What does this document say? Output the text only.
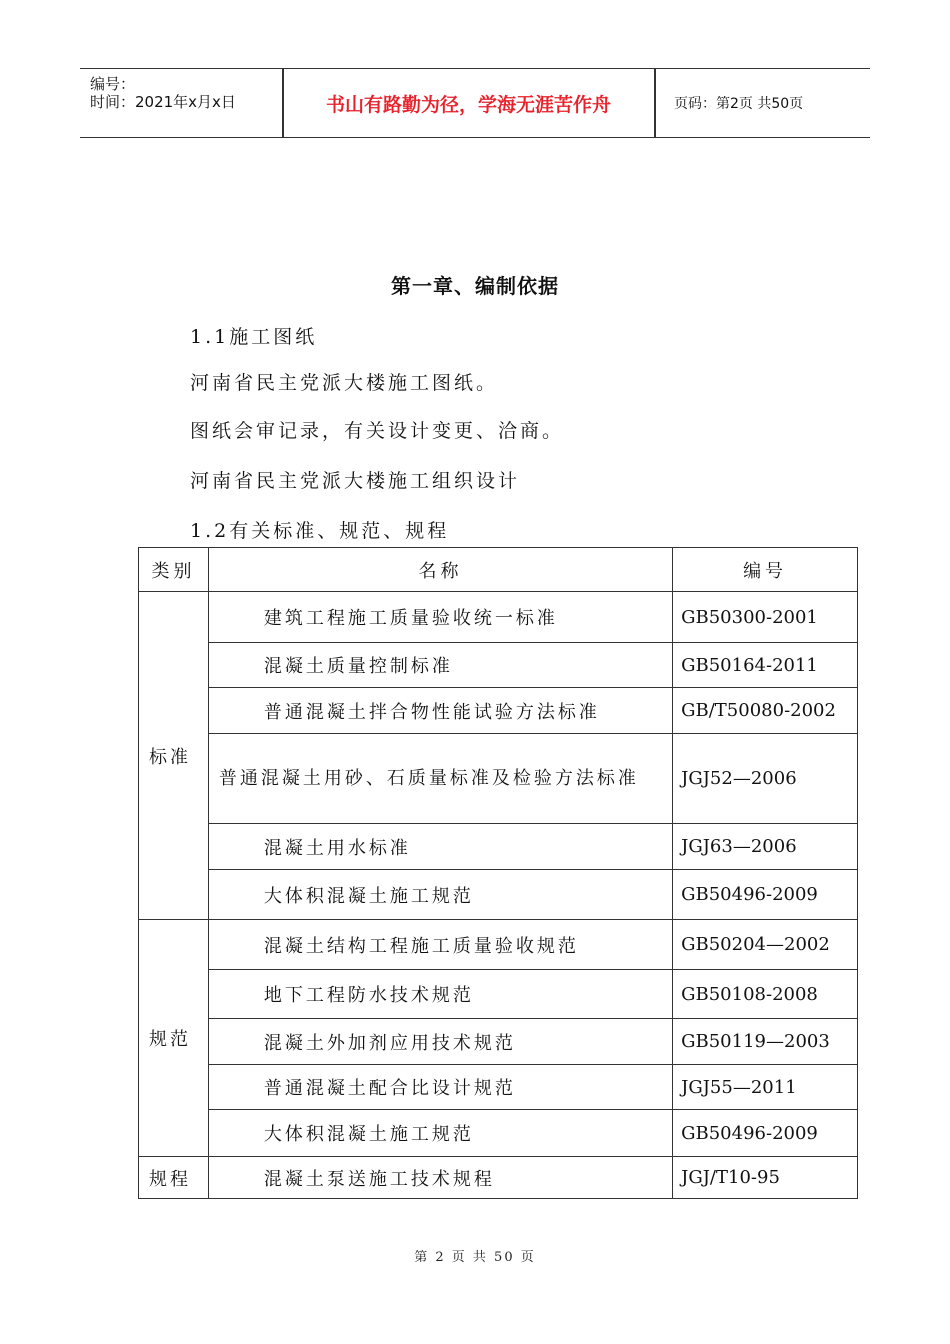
编号：
时间：2021年x月x日	书山有路勤为径，学海无涯苦作舟	页码：第2页 共50页
第一章、编制依据
1.1施工图纸
河南省民主党派大楼施工图纸。
图纸会审记录，有关设计变更、洽商。
河南省民主党派大楼施工组织设计
1.2有关标准、规范、规程
类别	名称	编号
标准	建筑工程施工质量验收统一标准	GB50300-2001
	混凝土质量控制标准	GB50164-2011
	普通混凝土拌合物性能试验方法标准	GB/T50080-2002
	普通混凝土用砂、石质量标准及检验方法标准	JGJ52—2006
	混凝土用水标准	JGJ63—2006
	大体积混凝土施工规范	GB50496-2009
规范	混凝土结构工程施工质量验收规范	GB50204—2002
	地下工程防水技术规范	GB50108-2008
	混凝土外加剂应用技术规范	GB50119—2003
	普通混凝土配合比设计规范	JGJ55—2011
	大体积混凝土施工规范	GB50496-2009
规程	混凝土泵送施工技术规程	JGJ/T10-95
第 2 页 共 50 页
